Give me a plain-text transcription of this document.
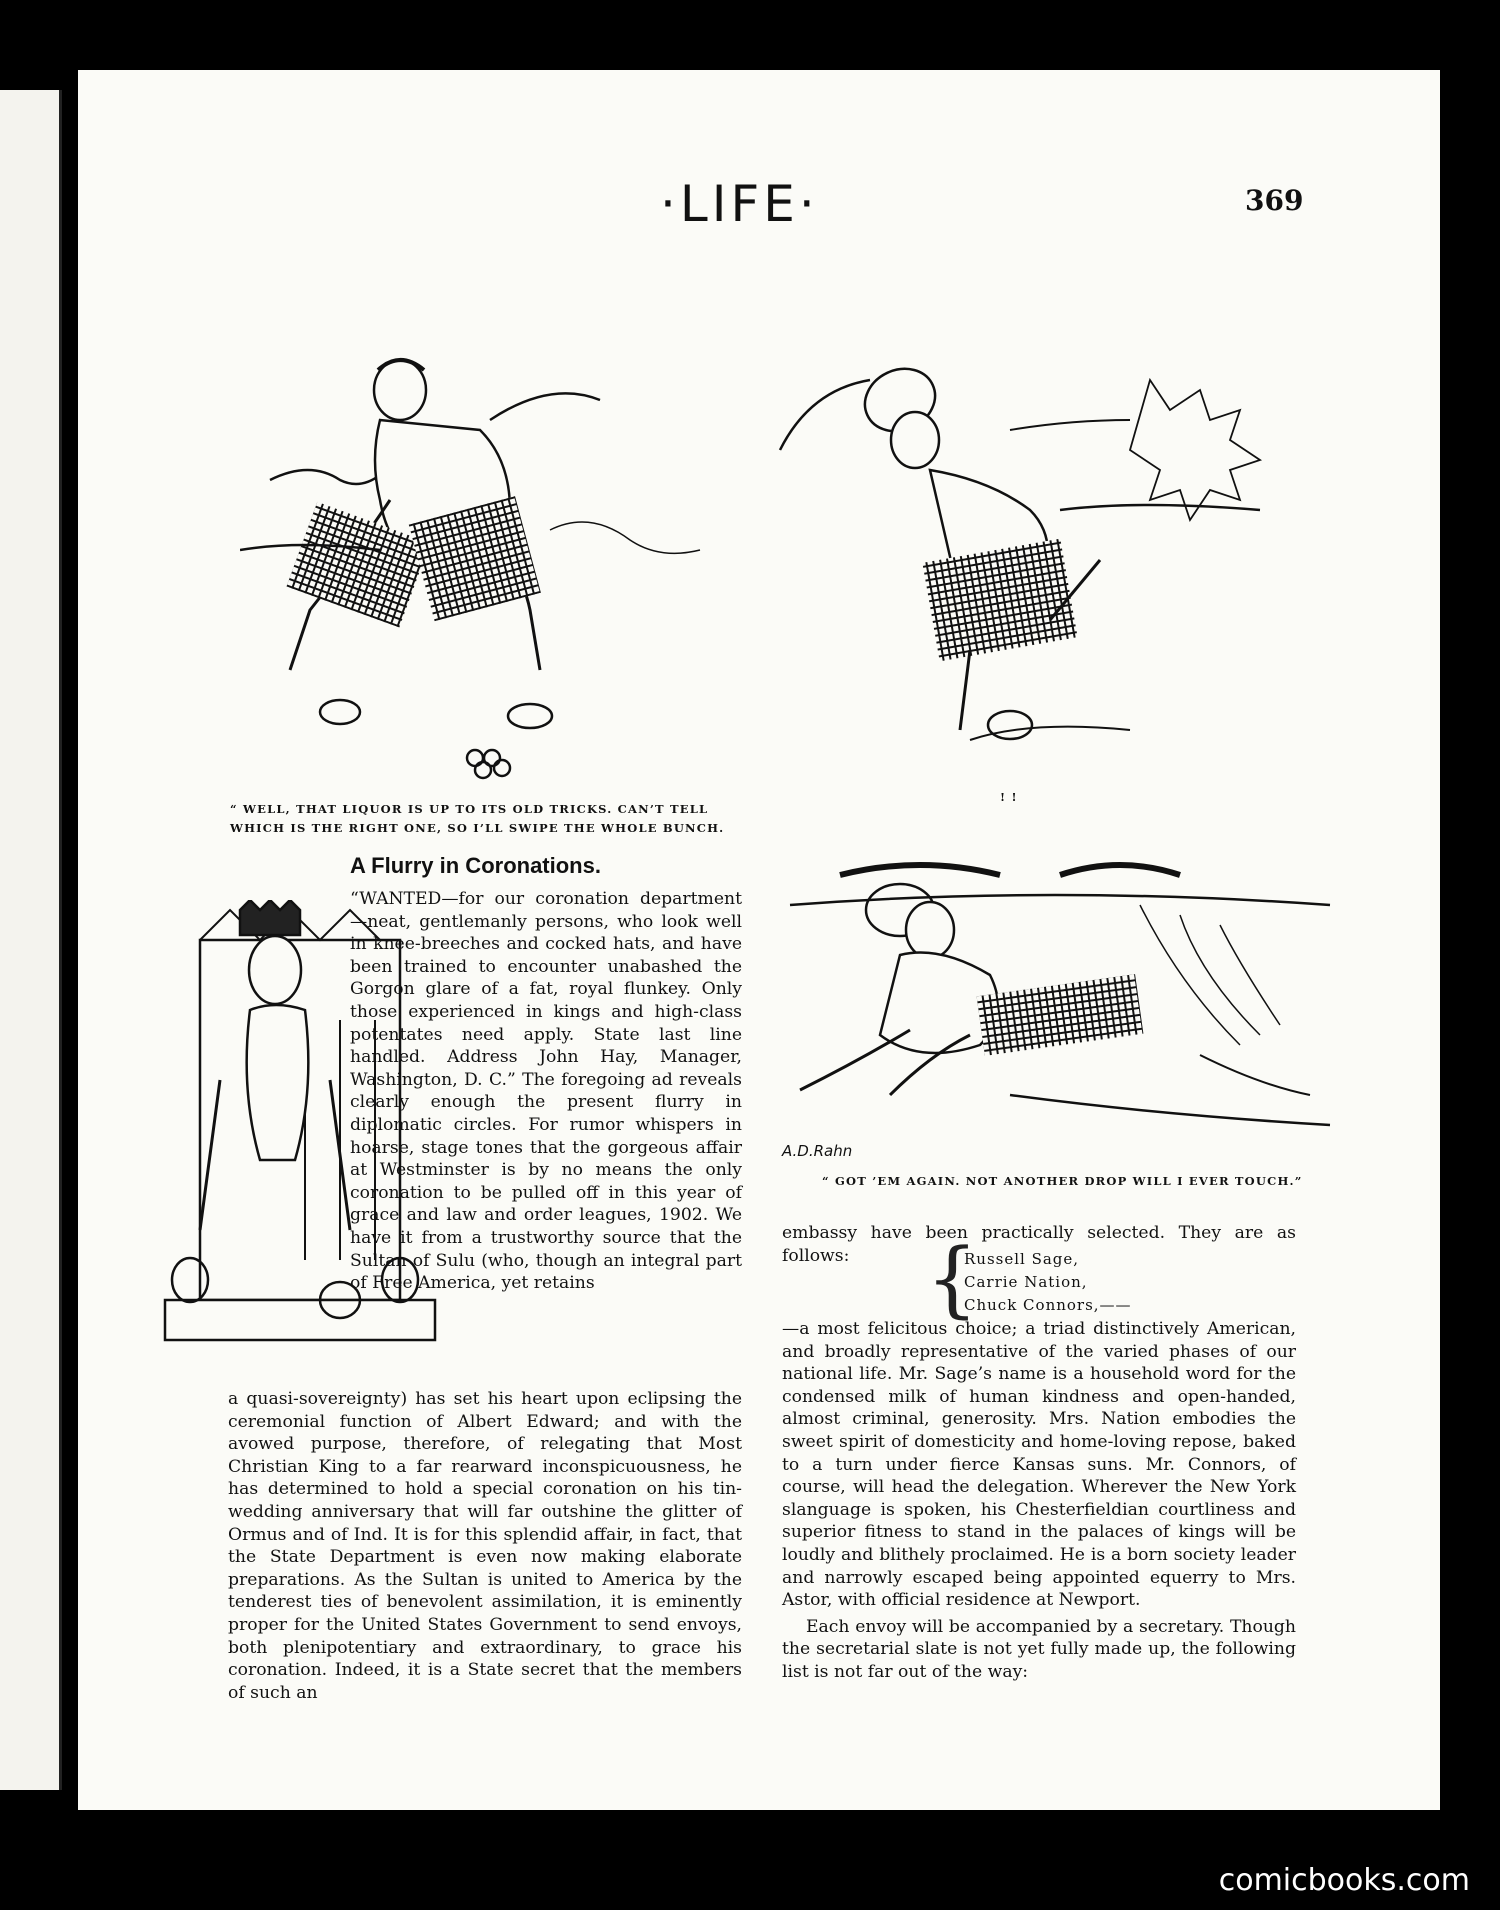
·LIFE·	369
“ WELL, THAT LIQUOR IS UP TO ITS OLD TRICKS. CAN’T TELL WHICH IS THE RIGHT ONE, SO I’LL SWIPE THE WHOLE BUNCH.
! !
A.D.Rahn
“ GOT ’EM AGAIN. NOT ANOTHER DROP WILL I EVER TOUCH.”
A Flurry in Coronations.

“WANTED—for our coronation department—neat, gentlemanly persons, who look well in knee-breeches and cocked hats, and have been trained to encounter unabashed the Gorgon glare of a fat, royal flunkey. Only those experienced in kings and high-class potentates need apply. State last line handled. Address John Hay, Manager, Washington, D. C.” The foregoing ad reveals clearly enough the present flurry in diplomatic circles. For rumor whispers in hoarse, stage tones that the gorgeous affair at Westminster is by no means the only coronation to be pulled off in this year of grace and law and order leagues, 1902. We have it from a trustworthy source that the Sultan of Sulu (who, though an integral part of Free America, yet retains

a quasi-sovereignty) has set his heart upon eclipsing the ceremonial function of Albert Edward; and with the avowed purpose, therefore, of relegating that Most Christian King to a far rearward inconspicuousness, he has determined to hold a special coronation on his tin-wedding anniversary that will far outshine the glitter of Ormus and of Ind. It is for this splendid affair, in fact, that the State Department is even now making elaborate preparations. As the Sultan is united to America by the tenderest ties of benevolent assimilation, it is eminently proper for the United States Government to send envoys, both plenipotentiary and extraordinary, to grace his coronation. Indeed, it is a State secret that the members of such an

embassy have been practically selected. They are as follows: {
Russell Sage,
Carrie Nation,
Chuck Connors,——

—a most felicitous choice; a triad distinctively American, and broadly representative of the varied phases of our national life. Mr. Sage’s name is a household word for the condensed milk of human kindness and open-handed, almost criminal, generosity. Mrs. Nation embodies the sweet spirit of domesticity and home-loving repose, baked to a turn under fierce Kansas suns. Mr. Connors, of course, will head the delegation. Wherever the New York slanguage is spoken, his Chesterfieldian courtliness and superior fitness to stand in the palaces of kings will be loudly and blithely proclaimed. He is a born society leader and narrowly escaped being appointed equerry to Mrs. Astor, with official residence at Newport.

Each envoy will be accompanied by a secretary. Though the secretarial slate is not yet fully made up, the following list is not far out of the way:

comicbooks.com
